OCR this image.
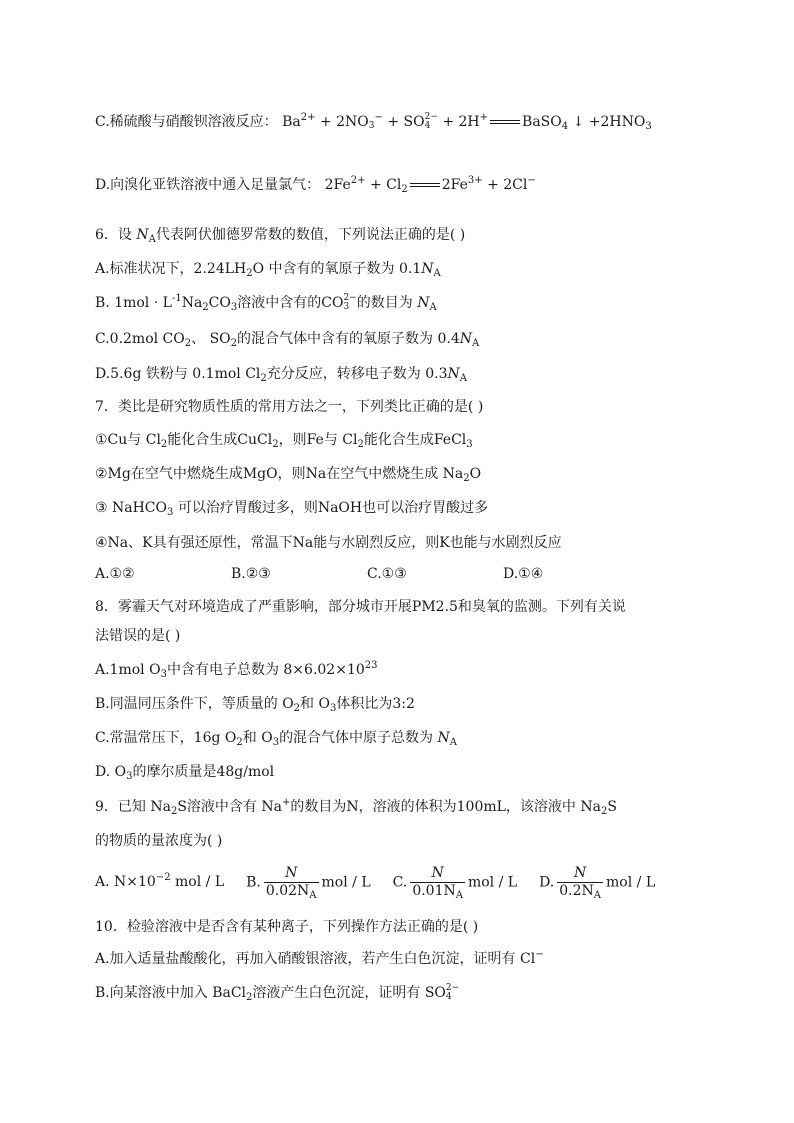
C.稀硫酸与硝酸钡溶液反应： $Ba^{2+} + 2NO$
3
− + SO 2−
4 + 2H+ BaSO$_4$ ↓ $+2HNO_3$
D.向溴化亚铁溶液中通入足量氯气： $2Fe^{2+} + Cl_2$ $2Fe^{3+} + 2Cl^-$
6．设 $N_A$代表阿伏伽德罗常数的数值，下列说法正确的是( )
A.标准状况下，$2.24LH_2O$ 中含有的氧原子数为 $0.1N_A$
B. $1mol \cdot L^{-1}Na_2CO_3$溶液中含有的CO 2−
3 的数目为 $N_A$
C.0.2mol $CO_2$、 $SO_2$的混合气体中含有的氧原子数为 $0.4N_A$
D.5.6g 铁粉与 0.1mol $Cl_2$充分反应，转移电子数为 $0.3N_A$
7．类比是研究物质性质的常用方法之一，下列类比正确的是( )
①Cu与 $Cl_2$能化合生成CuCl$_2$，则Fe与 $Cl_2$能化合生成FeCl$_3$
②Mg在空气中燃烧生成MgO，则Na在空气中燃烧生成 $Na_2O$
③ NaHCO$_3$ 可以治疗胃酸过多，则NaOH也可以治疗胃酸过多
④Na、K具有强还原性，常温下Na能与水剧烈反应，则K也能与水剧烈反应
A.①②	B.②③	C.①③	D.①④
8．雾霾天气对环境造成了严重影响，部分城市开展PM2.5和臭氧的监测。下列有关说
法错误的是( )
A.1mol $O_3$中含有电子总数为 $8\times 6.02\times 10^{23}$
B.同温同压条件下，等质量的 $O_2$和 $O_3$体积比为3:2
C.常温常压下，16g $O_2$和 $O_3$的混合气体中原子总数为 $N_A$
D. $O_3$的摩尔质量是48g/mol
9．已知 $Na_2S$溶液中含有 Na+的数目为N，溶液的体积为100mL，该溶液中 $Na_2S$
的物质的量浓度为( )
A. $N\times 10^{-2}$ mol / L B. $\frac{N}{0.02N_A}$ mol / L C. $\frac{N}{0.01N_A}$ mol / L D. $\frac{N}{0.2N_A}$ mol / L
10．检验溶液中是否含有某种离子，下列操作方法正确的是( )
A.加入适量盐酸酸化，再加入硝酸银溶液，若产生白色沉淀，证明有 Cl−
B.向某溶液中加入 BaCl$_2$溶液产生白色沉淀，证明有 SO 2−
4
